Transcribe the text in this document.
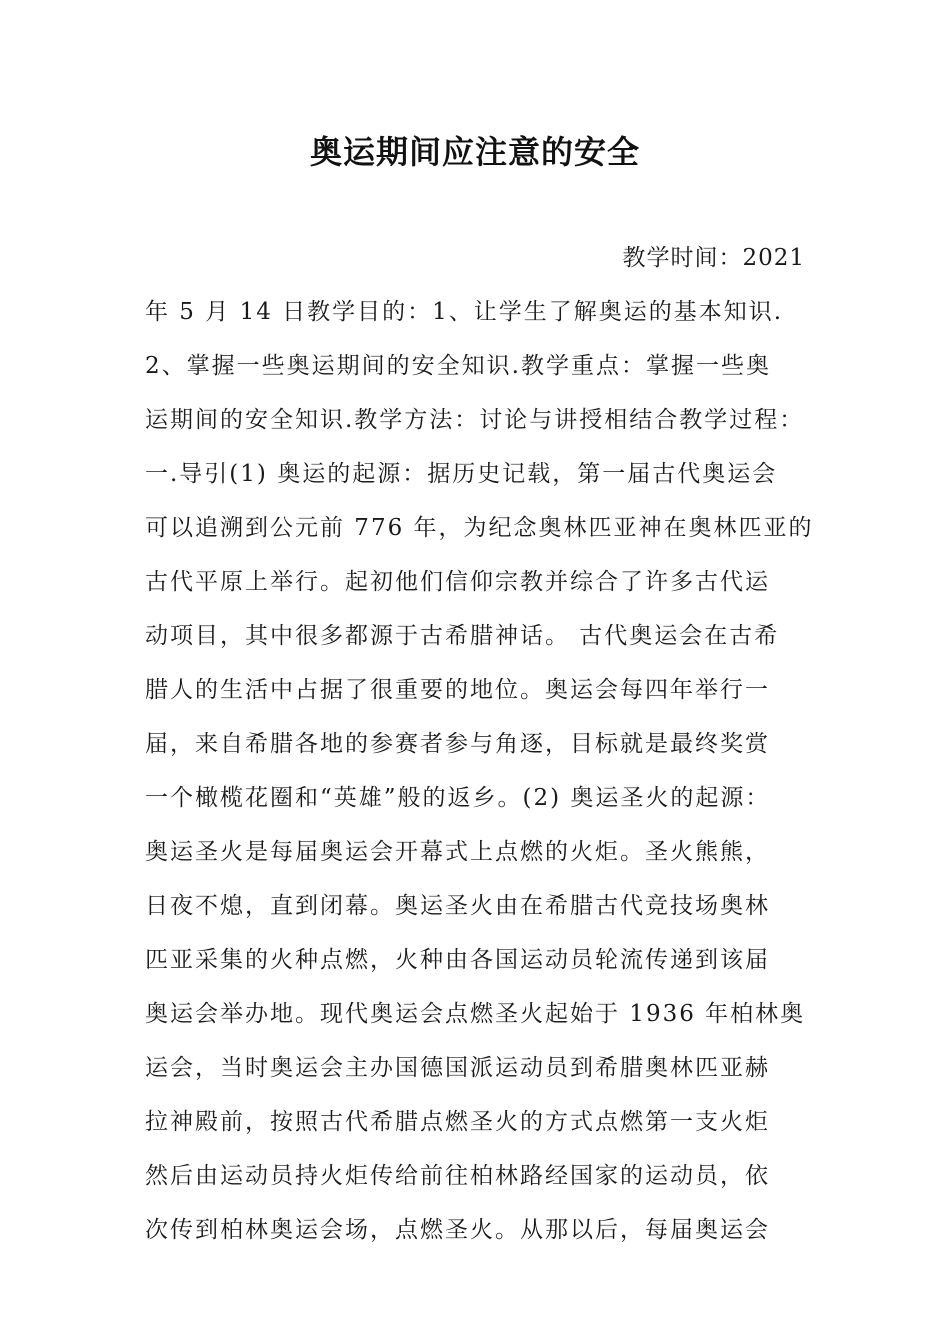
奥运期间应注意的安全
教学时间：2021
年 5 月 14 日教学目的：1、让学生了解奥运的基本知识.
2、掌握一些奥运期间的安全知识.教学重点：掌握一些奥
运期间的安全知识.教学方法：讨论与讲授相结合教学过程：
一.导引(1) 奥运的起源：据历史记载，第一届古代奥运会
可以追溯到公元前 776 年，为纪念奥林匹亚神在奥林匹亚的
古代平原上举行。起初他们信仰宗教并综合了许多古代运
动项目，其中很多都源于古希腊神话。 古代奥运会在古希
腊人的生活中占据了很重要的地位。奥运会每四年举行一
届，来自希腊各地的参赛者参与角逐，目标就是最终奖赏
一个橄榄花圈和“英雄”般的返乡。(2) 奥运圣火的起源：
奥运圣火是每届奥运会开幕式上点燃的火炬。圣火熊熊，
日夜不熄，直到闭幕。奥运圣火由在希腊古代竞技场奥林
匹亚采集的火种点燃，火种由各国运动员轮流传递到该届
奥运会举办地。现代奥运会点燃圣火起始于 1936 年柏林奥
运会，当时奥运会主办国德国派运动员到希腊奥林匹亚赫
拉神殿前，按照古代希腊点燃圣火的方式点燃第一支火炬
然后由运动员持火炬传给前往柏林路经国家的运动员，依
次传到柏林奥运会场，点燃圣火。从那以后，每届奥运会
